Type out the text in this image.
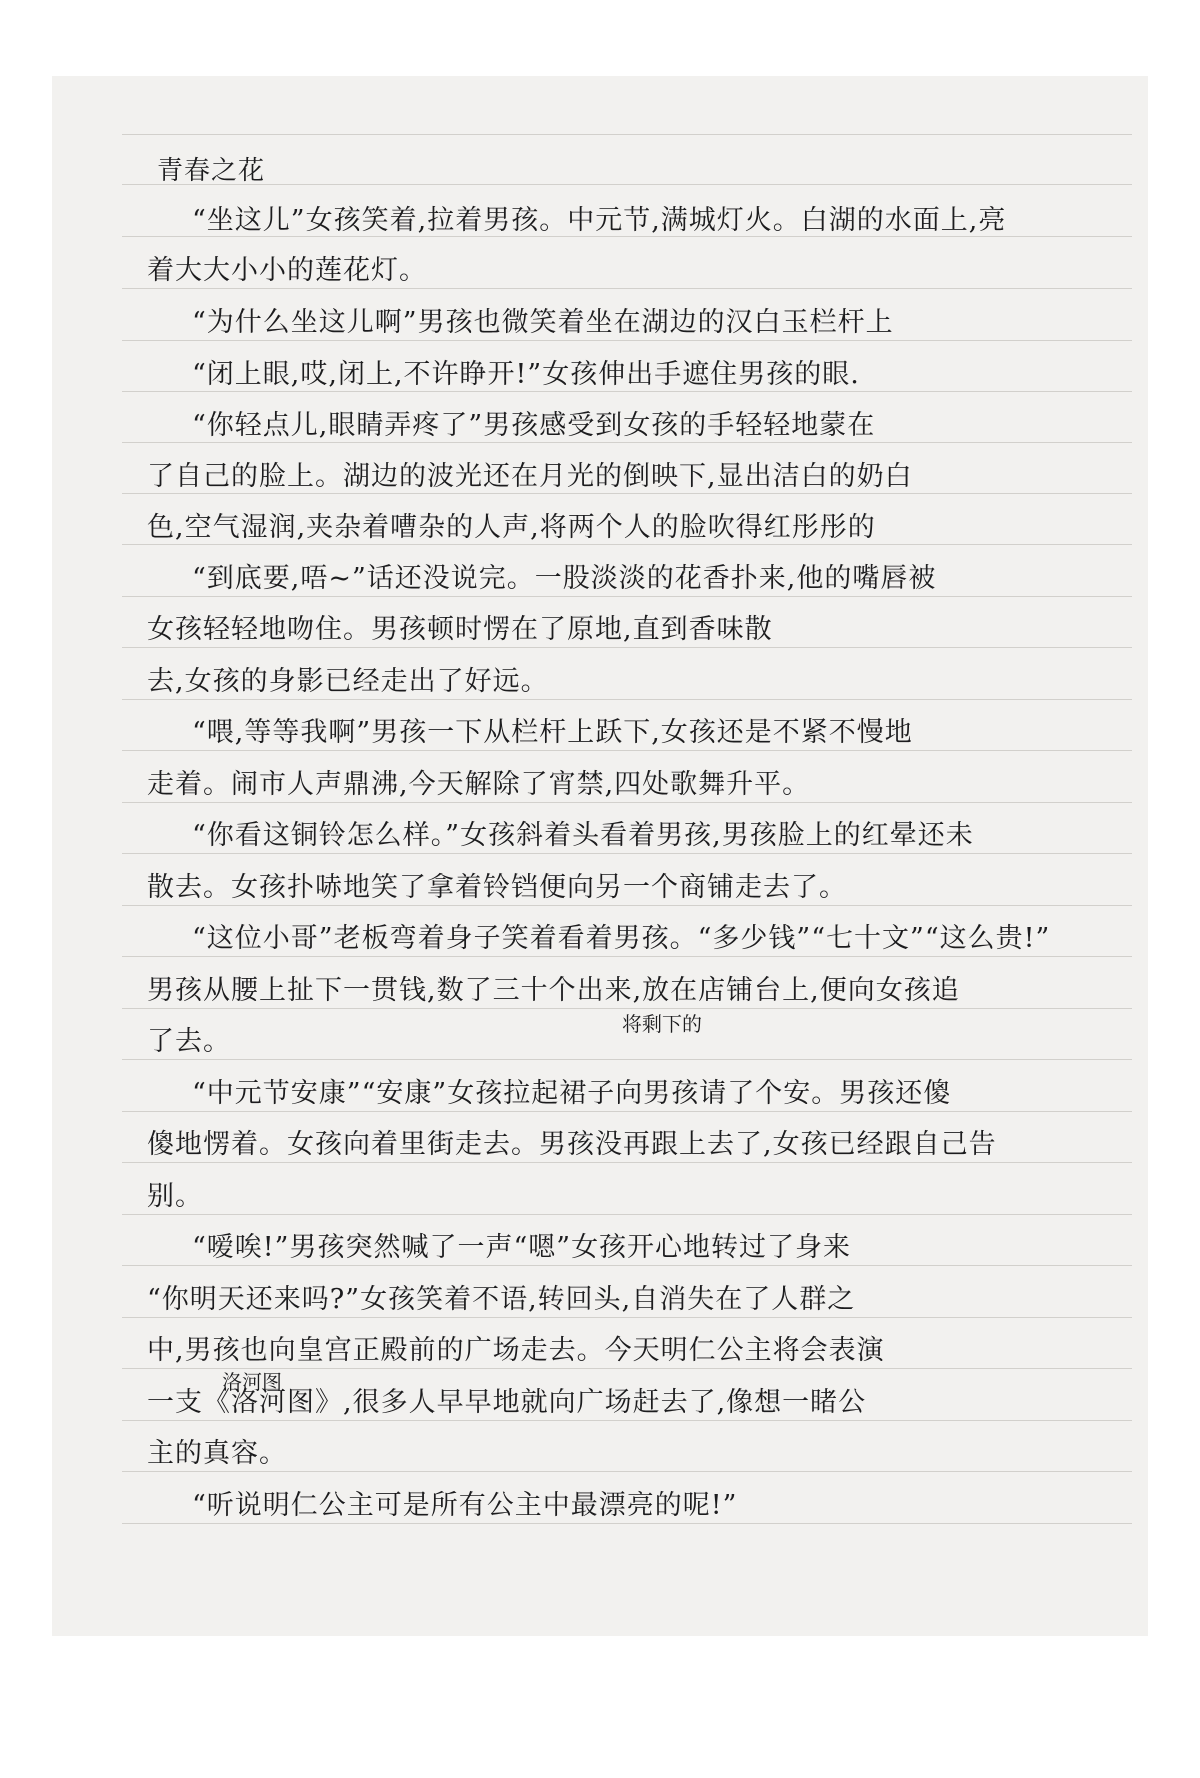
青春之花
“坐这儿”女孩笑着,拉着男孩。中元节,满城灯火。白湖的水面上,亮
着大大小小的莲花灯。
“为什么坐这儿啊”男孩也微笑着坐在湖边的汉白玉栏杆上
“闭上眼,哎,闭上,不许睁开!”女孩伸出手遮住男孩的眼.
“你轻点儿,眼睛弄疼了”男孩感受到女孩的手轻轻地蒙在
了自己的脸上。湖边的波光还在月光的倒映下,显出洁白的奶白
色,空气湿润,夹杂着嘈杂的人声,将两个人的脸吹得红彤彤的
“到底要,唔~”话还没说完。一股淡淡的花香扑来,他的嘴唇被
女孩轻轻地吻住。男孩顿时愣在了原地,直到香味散
去,女孩的身影已经走出了好远。
“喂,等等我啊”男孩一下从栏杆上跃下,女孩还是不紧不慢地
走着。闹市人声鼎沸,今天解除了宵禁,四处歌舞升平。
“你看这铜铃怎么样。”女孩斜着头看着男孩,男孩脸上的红晕还未
散去。女孩扑哧地笑了拿着铃铛便向另一个商铺走去了。
“这位小哥”老板弯着身子笑着看着男孩。“多少钱”“七十文”“这么贵!”
男孩从腰上扯下一贯钱,数了三十个出来,放在店铺台上,便向女孩追
将剩下的
了去。
“中元节安康”“安康”女孩拉起裙子向男孩请了个安。男孩还傻
傻地愣着。女孩向着里街走去。男孩没再跟上去了,女孩已经跟自己告
别。
“嗳唉!”男孩突然喊了一声“嗯”女孩开心地转过了身来
“你明天还来吗?”女孩笑着不语,转回头,自消失在了人群之
中,男孩也向皇宫正殿前的广场走去。今天明仁公主将会表演
洛河图
一支《洛河图》,很多人早早地就向广场赶去了,像想一睹公
主的真容。
“听说明仁公主可是所有公主中最漂亮的呢!”
